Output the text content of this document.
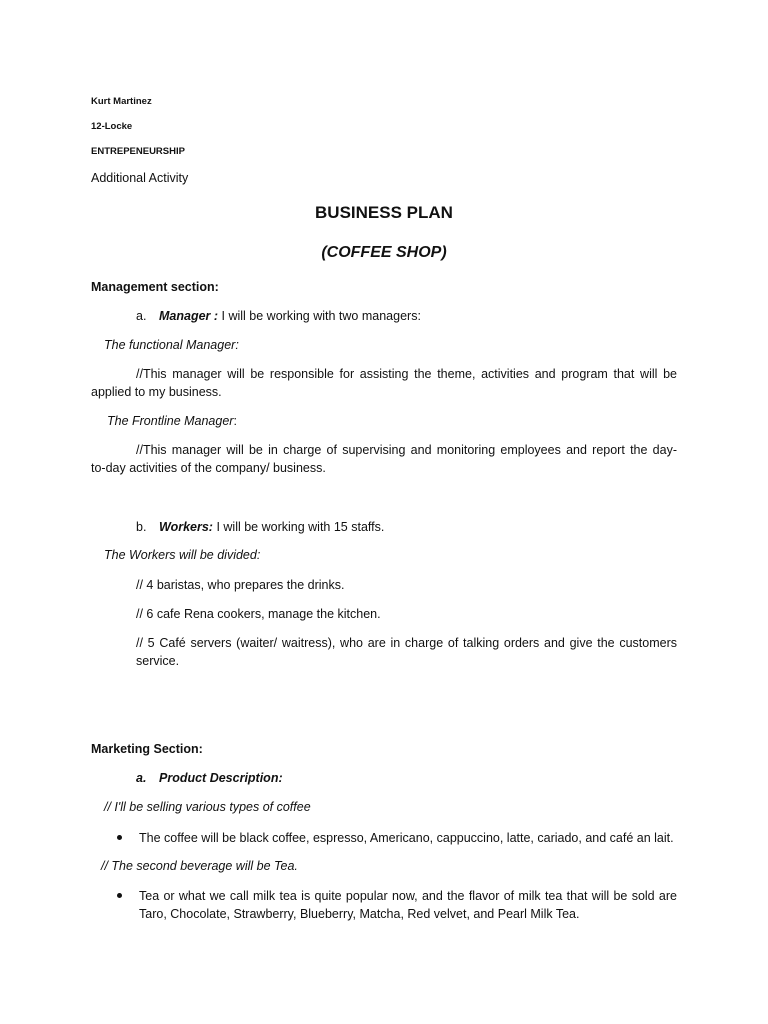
Kurt Martinez

12-Locke

ENTREPENEURSHIP

Additional Activity

BUSINESS PLAN

(COFFEE SHOP)

Management section:

a. Manager : I will be working with two managers:

The functional Manager:

//This manager will be responsible for assisting the theme, activities and program that will be

applied to my business.

The Frontline Manager:

//This manager will be in charge of supervising and monitoring employees and report the day-

to-day activities of the company/ business.

b. Workers: I will be working with 15 staffs.

The Workers will be divided:

// 4 baristas, who prepares the drinks.

// 6 cafe Rena cookers, manage the kitchen.

// 5 Café servers (waiter/ waitress), who are in charge of talking orders and give the customers

service.

Marketing Section:

a. Product Description:

// I'll be selling various types of coffee

The coffee will be black coffee, espresso, Americano, cappuccino, latte, cariado, and café an lait.

// The second beverage will be Tea.

Tea or what we call milk tea is quite popular now, and the flavor of milk tea that will be sold are

Taro, Chocolate, Strawberry, Blueberry, Matcha, Red velvet, and Pearl Milk Tea.
